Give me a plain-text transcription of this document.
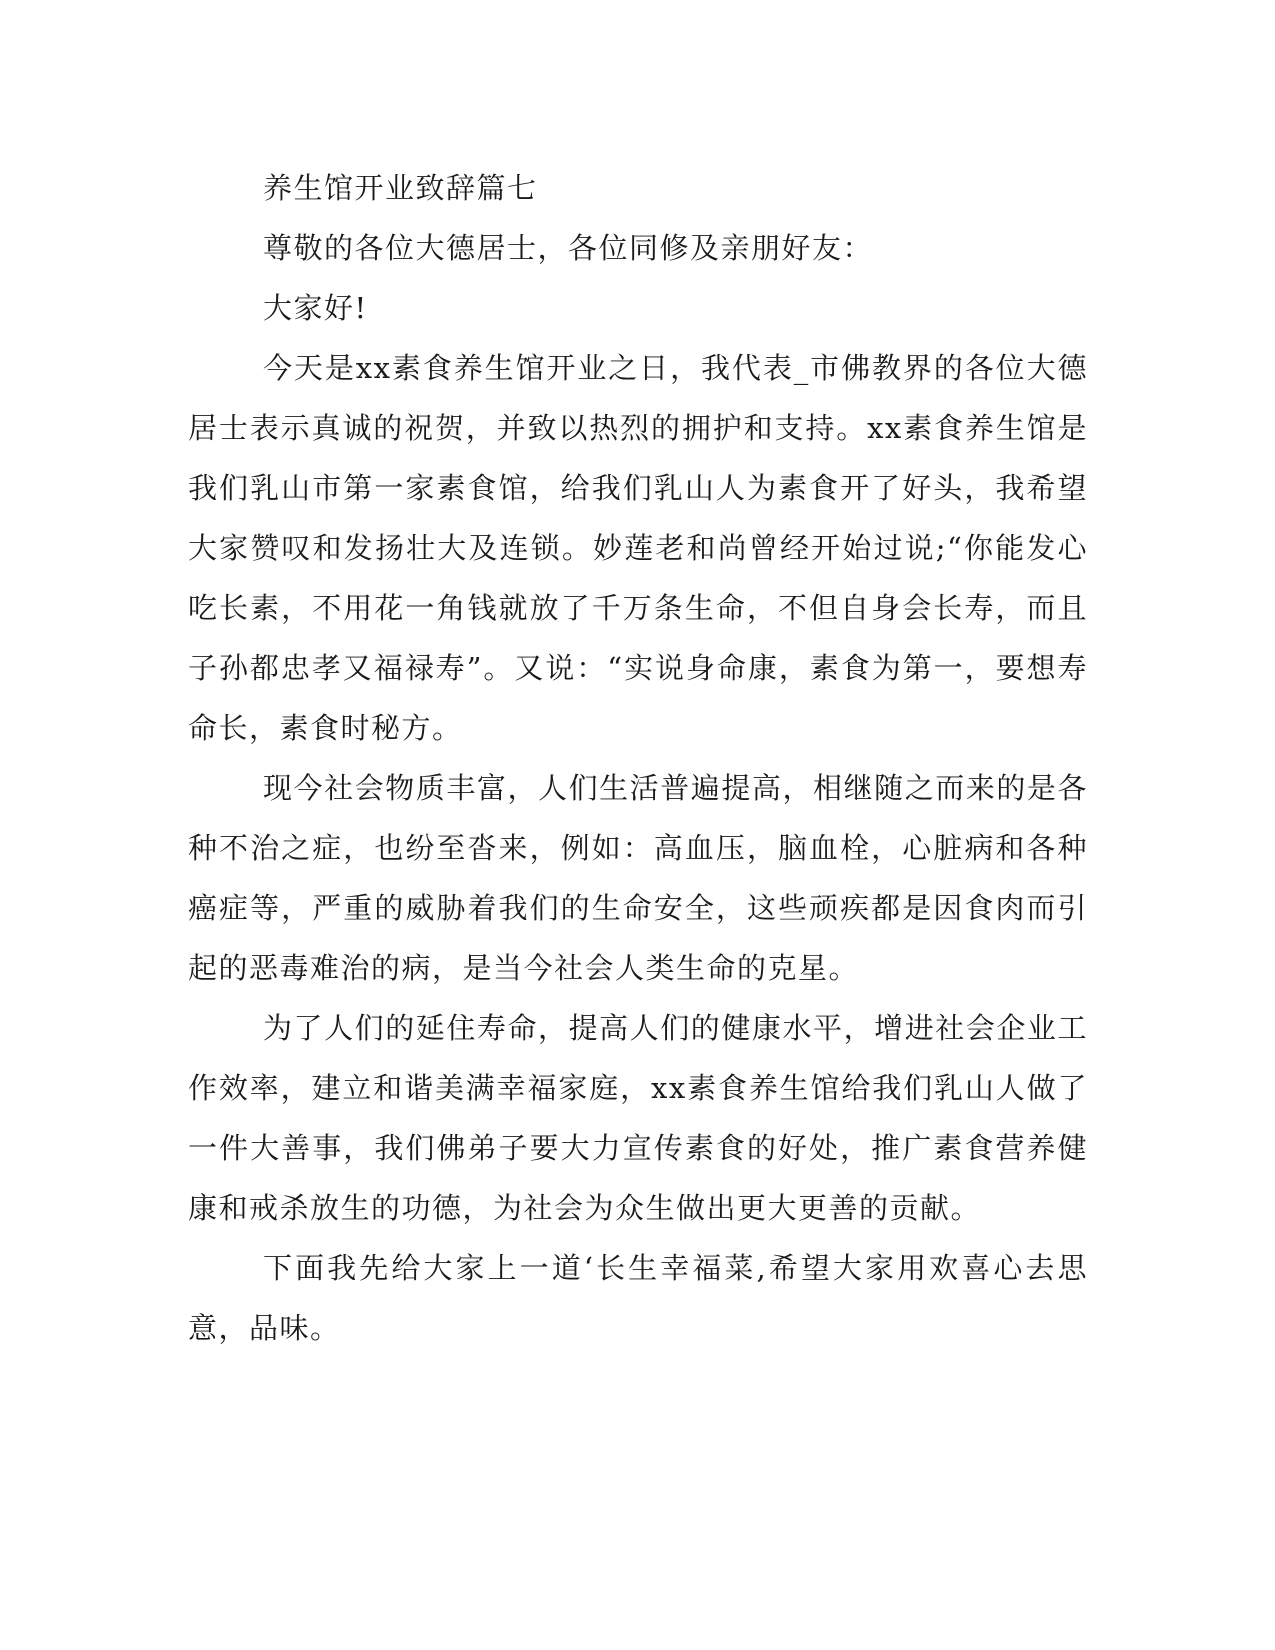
养生馆开业致辞篇七

尊敬的各位大德居士，各位同修及亲朋好友：

大家好!

今天是xx素食养生馆开业之日，我代表_市佛教界的各位大德居士表示真诚的祝贺，并致以热烈的拥护和支持。xx素食养生馆是我们乳山市第一家素食馆，给我们乳山人为素食开了好头，我希望大家赞叹和发扬壮大及连锁。妙莲老和尚曾经开始过说;“你能发心吃长素，不用花一角钱就放了千万条生命，不但自身会长寿，而且子孙都忠孝又福禄寿”。又说：“实说身命康，素食为第一，要想寿命长，素食时秘方。

现今社会物质丰富，人们生活普遍提高，相继随之而来的是各种不治之症，也纷至沓来，例如：高血压，脑血栓，心脏病和各种癌症等，严重的威胁着我们的生命安全，这些顽疾都是因食肉而引起的恶毒难治的病，是当今社会人类生命的克星。

为了人们的延住寿命，提高人们的健康水平，增进社会企业工作效率，建立和谐美满幸福家庭，xx素食养生馆给我们乳山人做了一件大善事，我们佛弟子要大力宣传素食的好处，推广素食营养健康和戒杀放生的功德，为社会为众生做出更大更善的贡献。

下面我先给大家上一道‘长生幸福菜,希望大家用欢喜心去思意，品味。
